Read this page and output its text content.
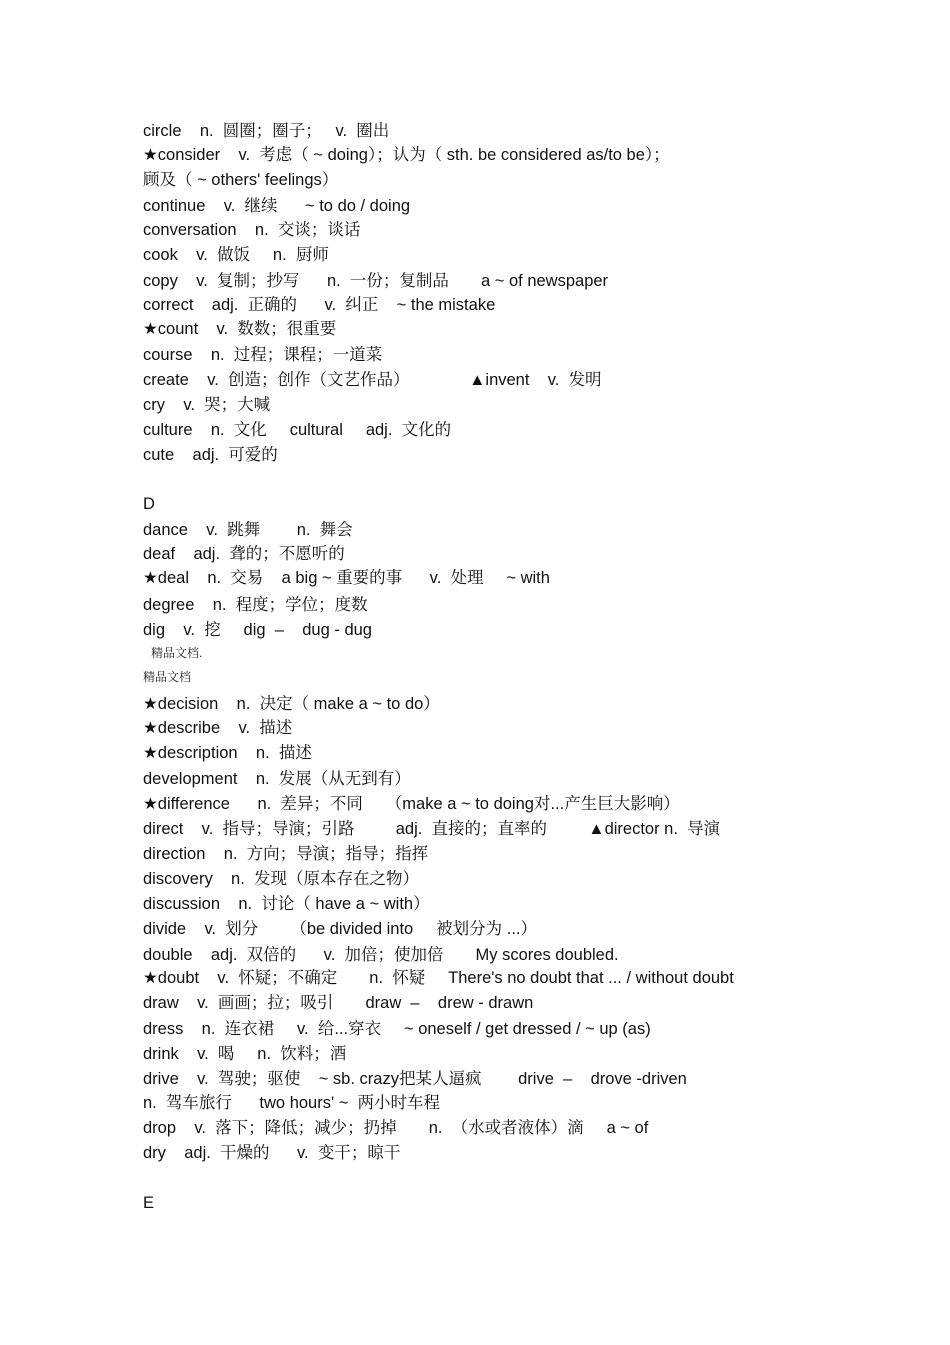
circle    n.  圆圈；圈子；   v.  圈出
★consider    v.  考虑（ ~ doing）；认为（ sth. be considered as/to be）；
顾及（ ~ others' feelings）
continue    v.  继续      ~ to do / doing
conversation    n.  交谈；谈话
cook    v.  做饭     n.  厨师
copy    v.  复制；抄写      n.  一份；复制品       a ~ of newspaper
correct    adj.  正确的      v.  纠正    ~ the mistake
★count    v.  数数；很重要
course    n.  过程；课程；一道菜
create    v.  创造；创作（文艺作品）             ▲invent    v.  发明
cry    v.  哭；大喊
culture    n.  文化     cultural     adj.  文化的
cute    adj.  可爱的
D
dance    v.  跳舞        n.  舞会
deaf    adj.  聋的；不愿听的
★deal    n.  交易    a big ~ 重要的事      v.  处理     ~ with
degree    n.  程度；学位；度数
dig    v.  挖     dig  –    dug - dug
精品文档.
精品文档
★decision    n.  决定（ make a ~ to do）
★describe    v.  描述
★description    n.  描述
development    n.  发展（从无到有）
★difference      n.  差异；不同     （make a ~ to doing对...产生巨大影响）
direct    v.  指导；导演；引路         adj.  直接的；直率的         ▲director n.  导演
direction    n.  方向；导演；指导；指挥
discovery    n.  发现（原本存在之物）
discussion    n.  讨论（ have a ~ with）
divide    v.  划分       （be divided into     被划分为 ...）
double    adj.  双倍的      v.  加倍；使加倍       My scores doubled.
★doubt    v.  怀疑；不确定       n.  怀疑     There's no doubt that ... / without doubt
draw    v.  画画；拉；吸引       draw  –    drew - drawn
dress    n.  连衣裙     v.  给...穿衣     ~ oneself / get dressed / ~ up (as)
drink    v.  喝     n.  饮料；酒
drive    v.  驾驶；驱使    ~ sb. crazy把某人逼疯        drive  –    drove -driven
n.  驾车旅行      two hours' ~  两小时车程
drop    v.  落下；降低；减少；扔掉       n.  （水或者液体）滴     a ~ of
dry    adj.  干燥的      v.  变干；晾干
E
